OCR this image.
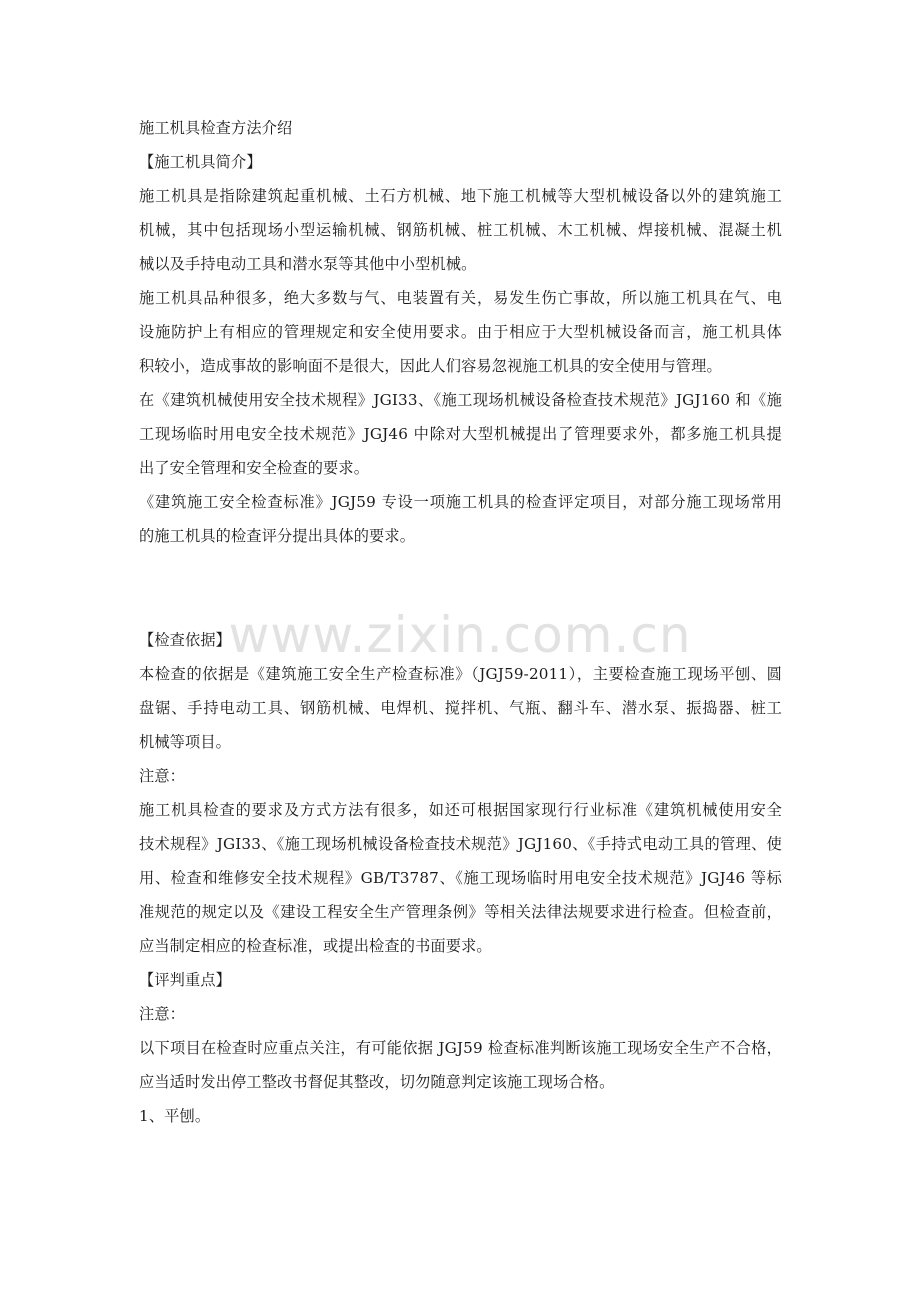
施工机具检查方法介绍
【施工机具简介】
施工机具是指除建筑起重机械、土石方机械、地下施工机械等大型机械设备以外的建筑施工
机械，其中包括现场小型运输机械、钢筋机械、桩工机械、木工机械、焊接机械、混凝土机
械以及手持电动工具和潜水泵等其他中小型机械。
施工机具品种很多，绝大多数与气、电装置有关，易发生伤亡事故，所以施工机具在气、电
设施防护上有相应的管理规定和安全使用要求。由于相应于大型机械设备而言，施工机具体
积较小，造成事故的影响面不是很大，因此人们容易忽视施工机具的安全使用与管理。
在《建筑机械使用安全技术规程》JGI33、《施工现场机械设备检查技术规范》JGJ160 和《施
工现场临时用电安全技术规范》JGJ46 中除对大型机械提出了管理要求外，都多施工机具提
出了安全管理和安全检查的要求。
《建筑施工安全检查标准》JGJ59 专设一项施工机具的检查评定项目，对部分施工现场常用
的施工机具的检查评分提出具体的要求。
【检查依据】
本检查的依据是《建筑施工安全生产检查标准》（JGJ59-2011），主要检查施工现场平刨、圆
盘锯、手持电动工具、钢筋机械、电焊机、搅拌机、气瓶、翻斗车、潜水泵、振捣器、桩工
机械等项目。
注意：
施工机具检查的要求及方式方法有很多，如还可根据国家现行行业标准《建筑机械使用安全
技术规程》JGI33、《施工现场机械设备检查技术规范》JGJ160、《手持式电动工具的管理、使
用、检查和维修安全技术规程》GB/T3787、《施工现场临时用电安全技术规范》JGJ46 等标
准规范的规定以及《建设工程安全生产管理条例》等相关法律法规要求进行检查。但检查前，
应当制定相应的检查标准，或提出检查的书面要求。
【评判重点】
注意：
以下项目在检查时应重点关注，有可能依据 JGJ59 检查标准判断该施工现场安全生产不合格，
应当适时发出停工整改书督促其整改，切勿随意判定该施工现场合格。
1、平刨。
www.zixin.com.cn
